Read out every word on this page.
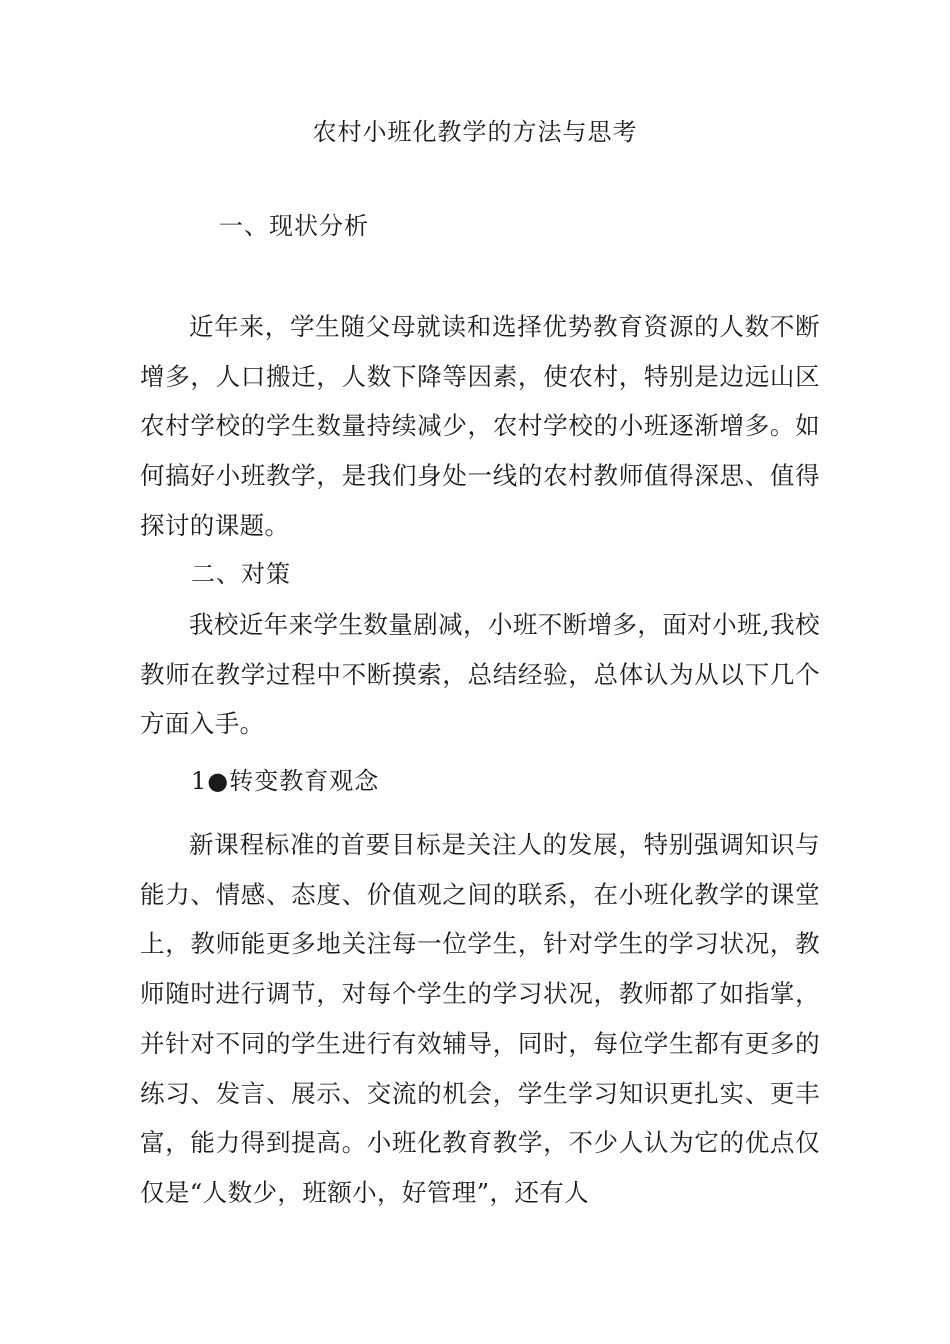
农村小班化教学的方法与思考
一、现状分析

近年来，学生随父母就读和选择优势教育资源的人数不断增多，人口搬迁，人数下降等因素，使农村，特别是边远山区农村学校的学生数量持续减少，农村学校的小班逐渐增多。如何搞好小班教学，是我们身处一线的农村教师值得深思、值得探讨的课题。

二、对策

我校近年来学生数量剧减，小班不断增多，面对小班,我校教师在教学过程中不断摸索，总结经验，总体认为从以下几个方面入手。

1●转变教育观念

新课程标准的首要目标是关注人的发展，特别强调知识与能力、情感、态度、价值观之间的联系，在小班化教学的课堂上，教师能更多地关注每一位学生，针对学生的学习状况，教师随时进行调节，对每个学生的学习状况，教师都了如指掌，并针对不同的学生进行有效辅导，同时，每位学生都有更多的练习、发言、展示、交流的机会，学生学习知识更扎实、更丰富，能力得到提高。小班化教育教学，不少人认为它的优点仅仅是“人数少，班额小，好管理”，还有人
